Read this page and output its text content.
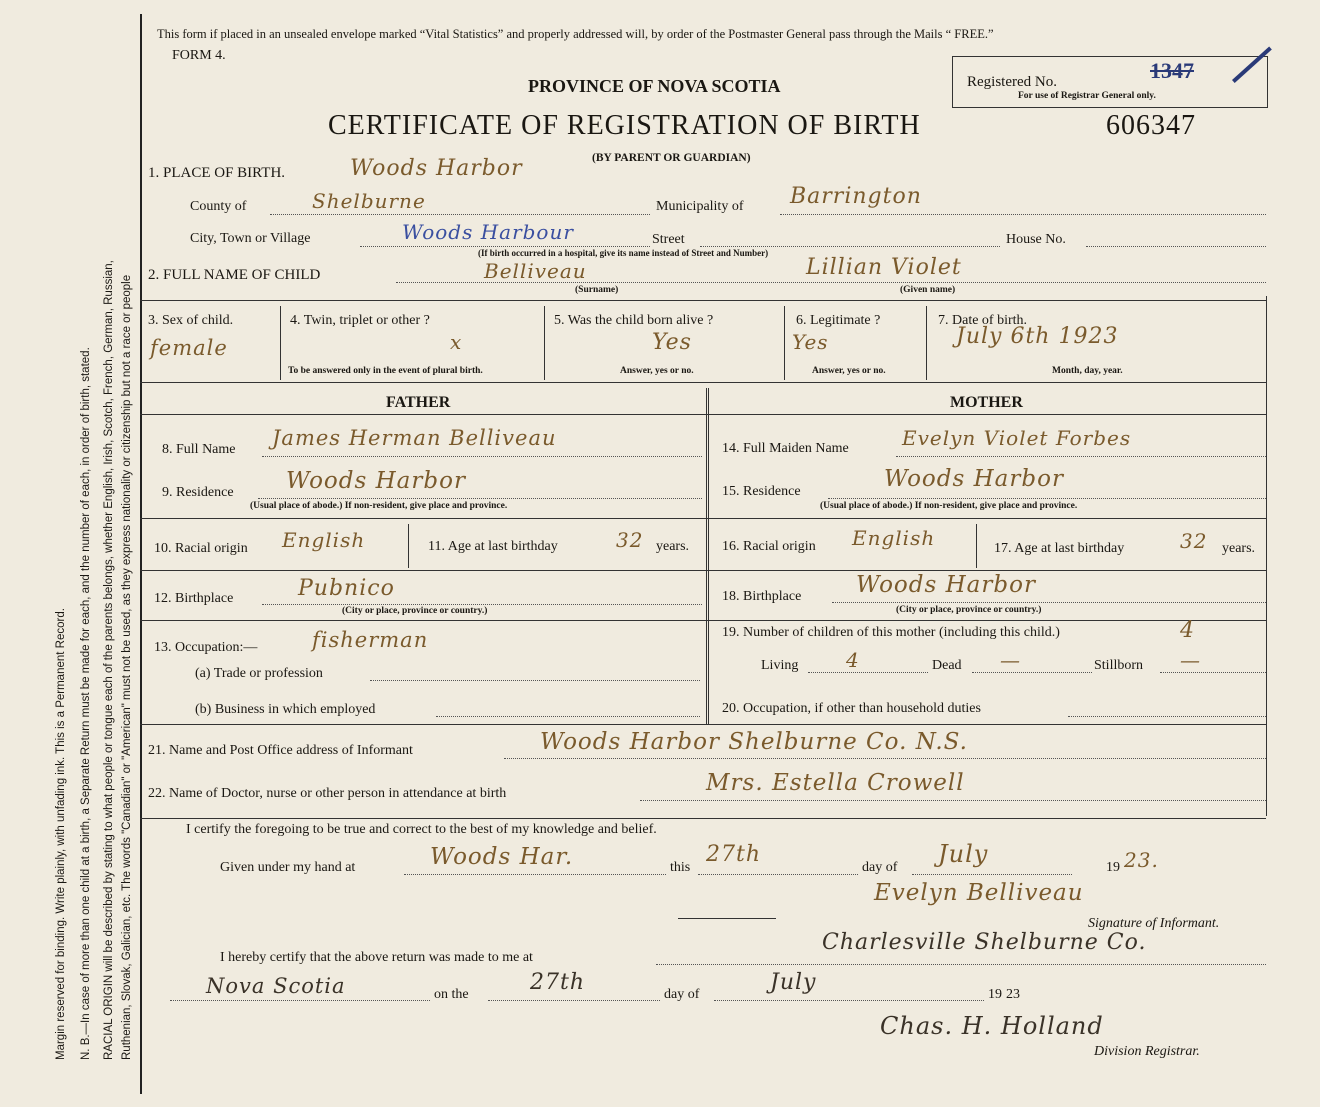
Margin reserved for binding. Write plainly, with unfading ink. This is a Permanent Record. N. B.—In case of more than one child at a birth, a Separate Return must be made for each, and the number of each, in order of birth, stated. RACIAL ORIGIN will be described by stating to what people or tongue each of the parents belongs, whether English, Irish, Scotch, French, German, Russian, Ruthenian, Slovak, Galician, etc. The words "Canadian" or "American" must not be used, as they express nationality or citizenship but not a race or people
This form if placed in an unsealed envelope marked “Vital Statistics” and properly addressed will, by order of the Postmaster General pass through the Mails “ FREE.”
FORM 4.
PROVINCE OF NOVA SCOTIA
CERTIFICATE OF REGISTRATION OF BIRTH	606347
(BY PARENT OR GUARDIAN)
Registered No.	1347
For use of Registrar General only.
1. PLACE OF BIRTH.	Woods Harbor
County of	Shelburne	Municipality of Barrington
City, Town or Village	Woods Harbour	Street	House No.
(If birth occurred in a hospital, give its name instead of Street and Number)
2. FULL NAME OF CHILD	Belliveau	Lillian Violet
(Surname)	(Given name)
3. Sex of child.
female
4. Twin, triplet or other ?
x
To be answered only in the event of plural birth.
5. Was the child born alive ?
Yes
Answer, yes or no.
6. Legitimate ?
Yes
Answer, yes or no.
7. Date of birth.
July 6th 1923
Month, day, year.
FATHER	MOTHER
8. Full Name James Herman Belliveau
9. Residence Woods Harbor
(Usual place of abode.) If non-resident, give place and province.
10. Racial origin English	11. Age at last birthday	32 years.
12. Birthplace	Pubnico
(City or place, province or country.)
13. Occupation:—	fisherman
(a) Trade or profession
(b) Business in which employed
14. Full Maiden Name	Evelyn Violet Forbes
15. Residence	Woods Harbor
(Usual place of abode.) If non-resident, give place and province.
16. Racial origin English	17. Age at last birthday	32 years.
18. Birthplace Woods Harbor
(City or place, province or country.)
19. Number of children of this mother (including this child.)	4
Living 4	Dead —	Stillborn —
20. Occupation, if other than household duties
21. Name and Post Office address of Informant	Woods Harbor Shelburne Co. N.S.
22. Name of Doctor, nurse or other person in attendance at birth	Mrs. Estella Crowell
I certify the foregoing to be true and correct to the best of my knowledge and belief.
Given under my hand at	Woods Har.	this
27th
day of July	19 23.
Evelyn Belliveau
Signature of Informant.
I hereby certify that the above return was made to me at
Charlesville Shelburne Co.
Nova Scotia	on the	27th	day of	July	19 23
Chas. H. Holland
Division Registrar.
